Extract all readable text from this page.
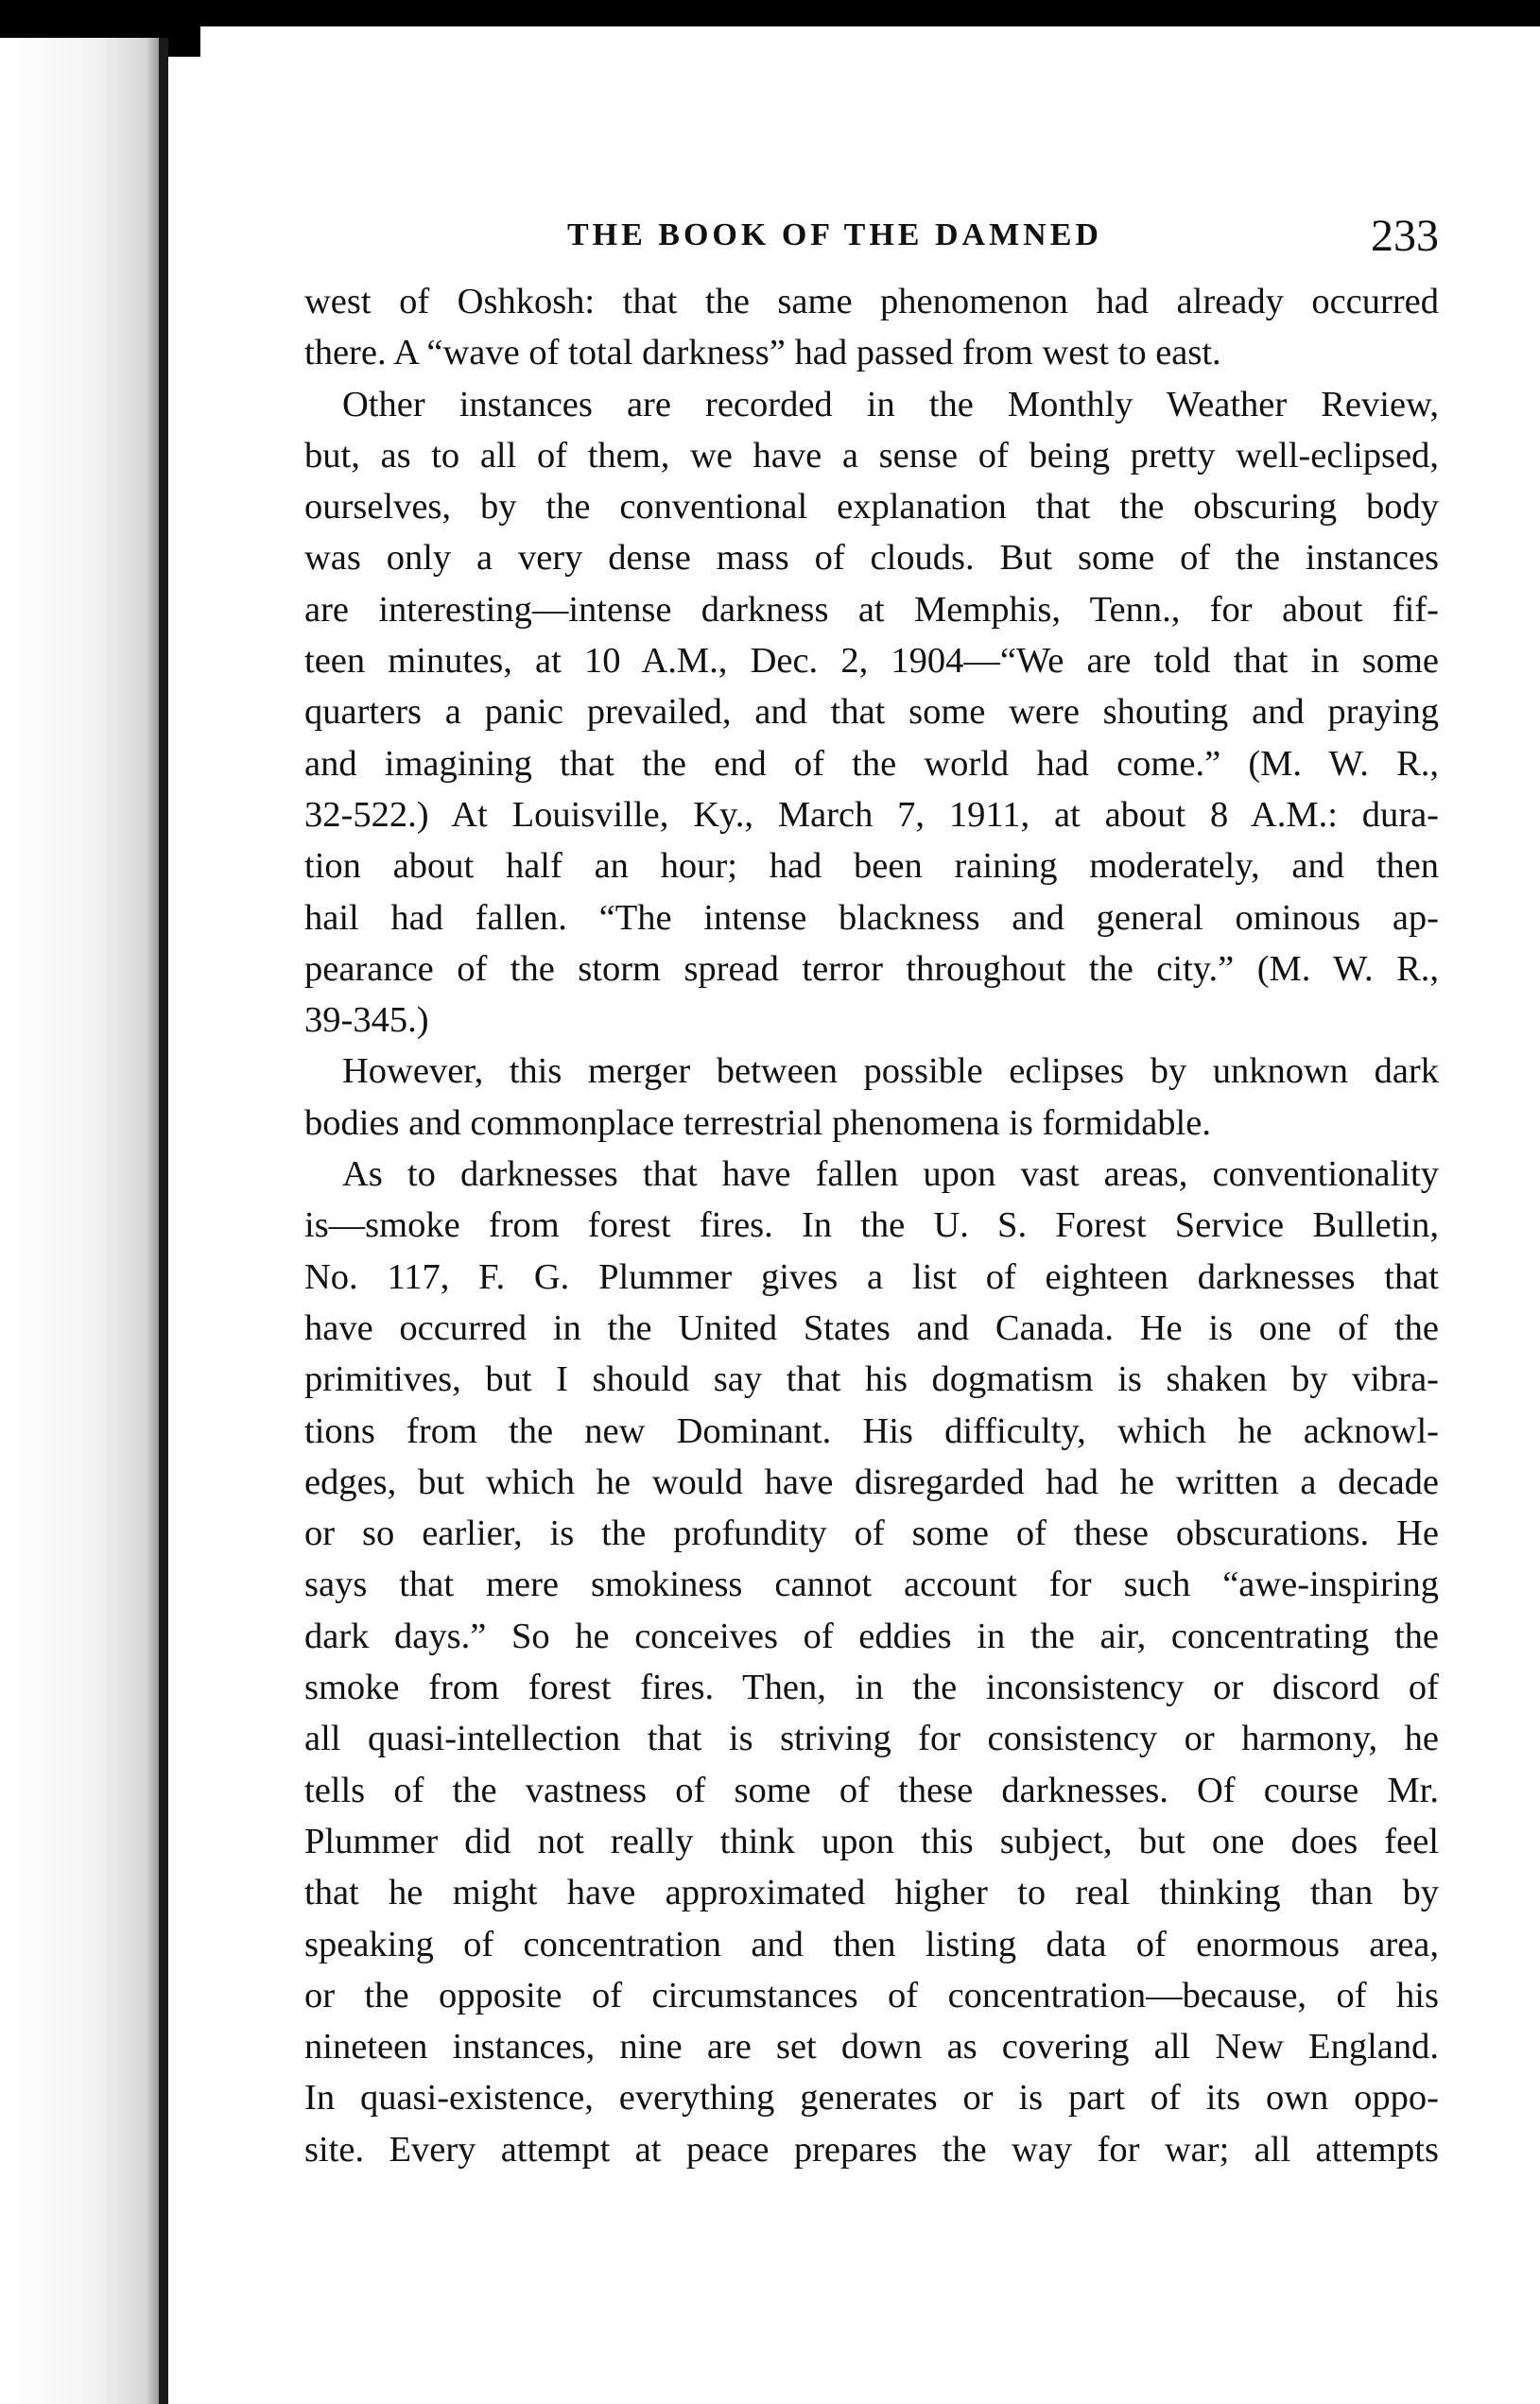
THE BOOK OF THE DAMNED	233
west of Oshkosh: that the same phenomenon had already occurred
there. A “wave of total darkness” had passed from west to east.
Other instances are recorded in the Monthly Weather Review,
but, as to all of them, we have a sense of being pretty well-eclipsed,
ourselves, by the conventional explanation that the obscuring body
was only a very dense mass of clouds. But some of the instances
are interesting—intense darkness at Memphis, Tenn., for about fif-
teen minutes, at 10 A.M., Dec. 2, 1904—“We are told that in some
quarters a panic prevailed, and that some were shouting and praying
and imagining that the end of the world had come.” (M. W. R.,
32-522.) At Louisville, Ky., March 7, 1911, at about 8 A.M.: dura-
tion about half an hour; had been raining moderately, and then
hail had fallen. “The intense blackness and general ominous ap-
pearance of the storm spread terror throughout the city.” (M. W. R.,
39-345.)
However, this merger between possible eclipses by unknown dark
bodies and commonplace terrestrial phenomena is formidable.
As to darknesses that have fallen upon vast areas, conventionality
is—smoke from forest fires. In the U. S. Forest Service Bulletin,
No. 117, F. G. Plummer gives a list of eighteen darknesses that
have occurred in the United States and Canada. He is one of the
primitives, but I should say that his dogmatism is shaken by vibra-
tions from the new Dominant. His difficulty, which he acknowl-
edges, but which he would have disregarded had he written a decade
or so earlier, is the profundity of some of these obscurations. He
says that mere smokiness cannot account for such “awe-inspiring
dark days.” So he conceives of eddies in the air, concentrating the
smoke from forest fires. Then, in the inconsistency or discord of
all quasi-intellection that is striving for consistency or harmony, he
tells of the vastness of some of these darknesses. Of course Mr.
Plummer did not really think upon this subject, but one does feel
that he might have approximated higher to real thinking than by
speaking of concentration and then listing data of enormous area,
or the opposite of circumstances of concentration—because, of his
nineteen instances, nine are set down as covering all New England.
In quasi-existence, everything generates or is part of its own oppo-
site. Every attempt at peace prepares the way for war; all attempts
